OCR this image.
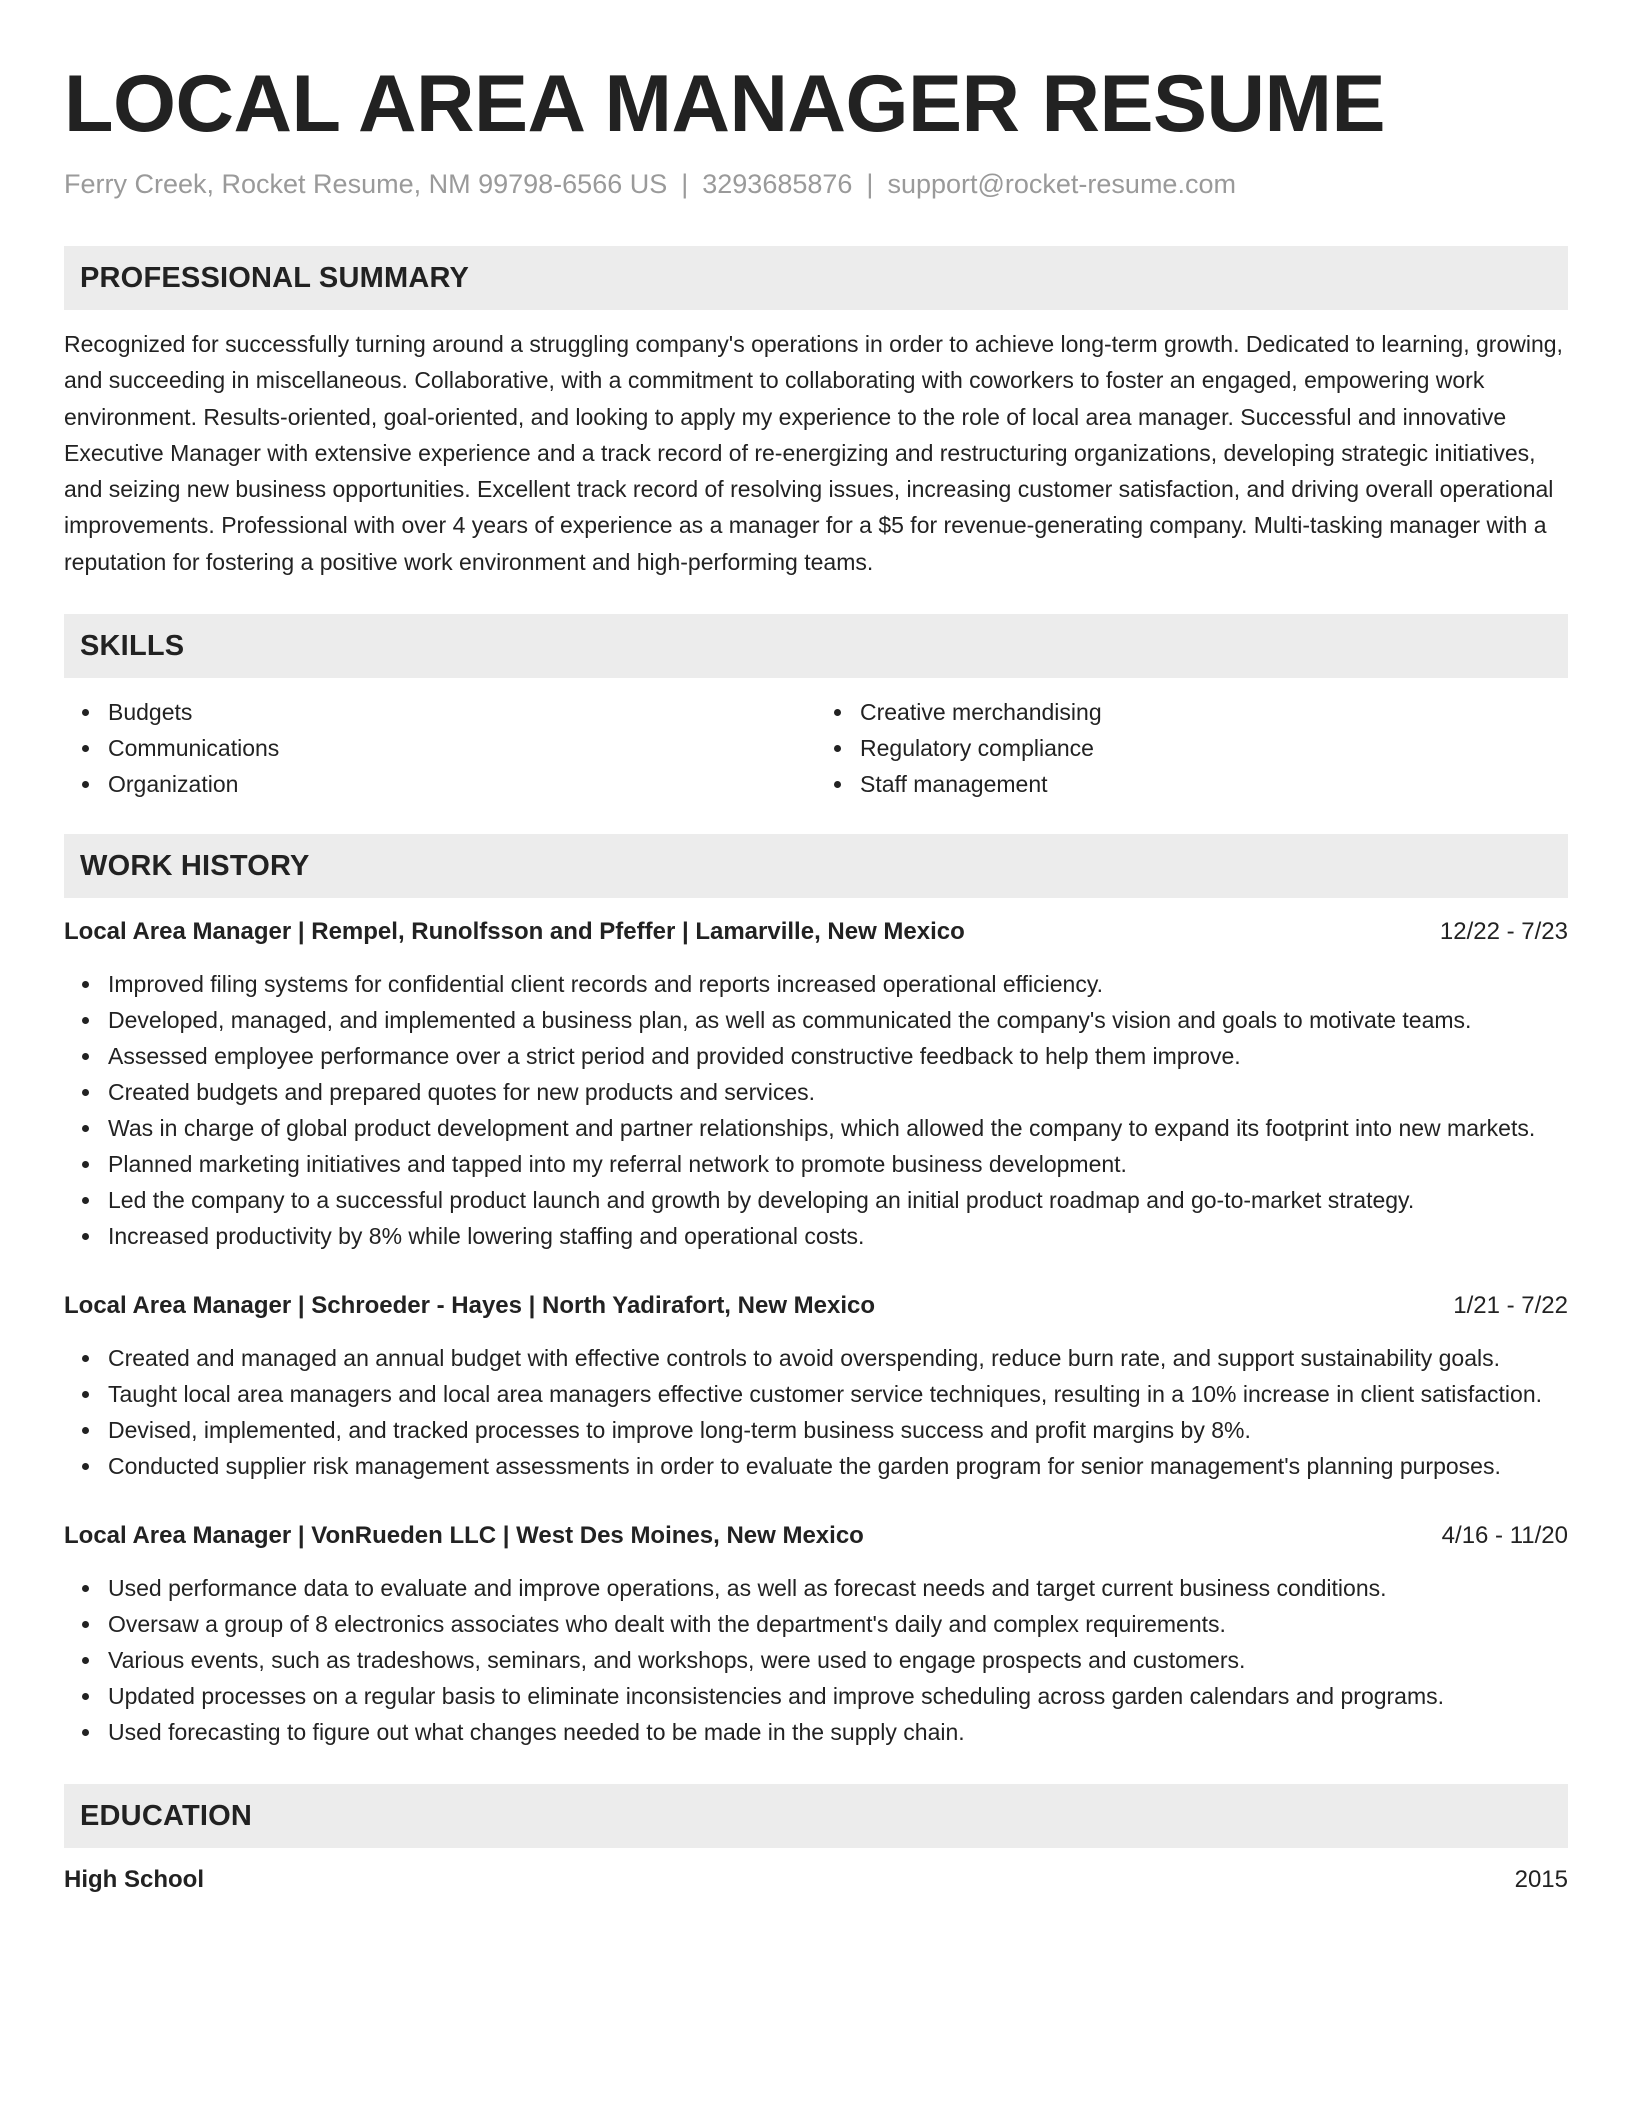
LOCAL AREA MANAGER RESUME
Ferry Creek, Rocket Resume, NM 99798-6566 US | 3293685876 | support@rocket-resume.com
PROFESSIONAL SUMMARY
Recognized for successfully turning around a struggling company's operations in order to achieve long-term growth. Dedicated to learning, growing, and succeeding in miscellaneous. Collaborative, with a commitment to collaborating with coworkers to foster an engaged, empowering work environment. Results-oriented, goal-oriented, and looking to apply my experience to the role of local area manager. Successful and innovative Executive Manager with extensive experience and a track record of re-energizing and restructuring organizations, developing strategic initiatives, and seizing new business opportunities. Excellent track record of resolving issues, increasing customer satisfaction, and driving overall operational improvements. Professional with over 4 years of experience as a manager for a $5 for revenue-generating company. Multi-tasking manager with a reputation for fostering a positive work environment and high-performing teams.
SKILLS
Budgets
Communications
Organization
Creative merchandising
Regulatory compliance
Staff management
WORK HISTORY
Local Area Manager | Rempel, Runolfsson and Pfeffer | Lamarville, New Mexico	12/22 - 7/23
Improved filing systems for confidential client records and reports increased operational efficiency.
Developed, managed, and implemented a business plan, as well as communicated the company's vision and goals to motivate teams.
Assessed employee performance over a strict period and provided constructive feedback to help them improve.
Created budgets and prepared quotes for new products and services.
Was in charge of global product development and partner relationships, which allowed the company to expand its footprint into new markets.
Planned marketing initiatives and tapped into my referral network to promote business development.
Led the company to a successful product launch and growth by developing an initial product roadmap and go-to-market strategy.
Increased productivity by 8% while lowering staffing and operational costs.
Local Area Manager | Schroeder - Hayes | North Yadirafort, New Mexico	1/21 - 7/22
Created and managed an annual budget with effective controls to avoid overspending, reduce burn rate, and support sustainability goals.
Taught local area managers and local area managers effective customer service techniques, resulting in a 10% increase in client satisfaction.
Devised, implemented, and tracked processes to improve long-term business success and profit margins by 8%.
Conducted supplier risk management assessments in order to evaluate the garden program for senior management's planning purposes.
Local Area Manager | VonRueden LLC | West Des Moines, New Mexico	4/16 - 11/20
Used performance data to evaluate and improve operations, as well as forecast needs and target current business conditions.
Oversaw a group of 8 electronics associates who dealt with the department's daily and complex requirements.
Various events, such as tradeshows, seminars, and workshops, were used to engage prospects and customers.
Updated processes on a regular basis to eliminate inconsistencies and improve scheduling across garden calendars and programs.
Used forecasting to figure out what changes needed to be made in the supply chain.
EDUCATION
High School	2015
